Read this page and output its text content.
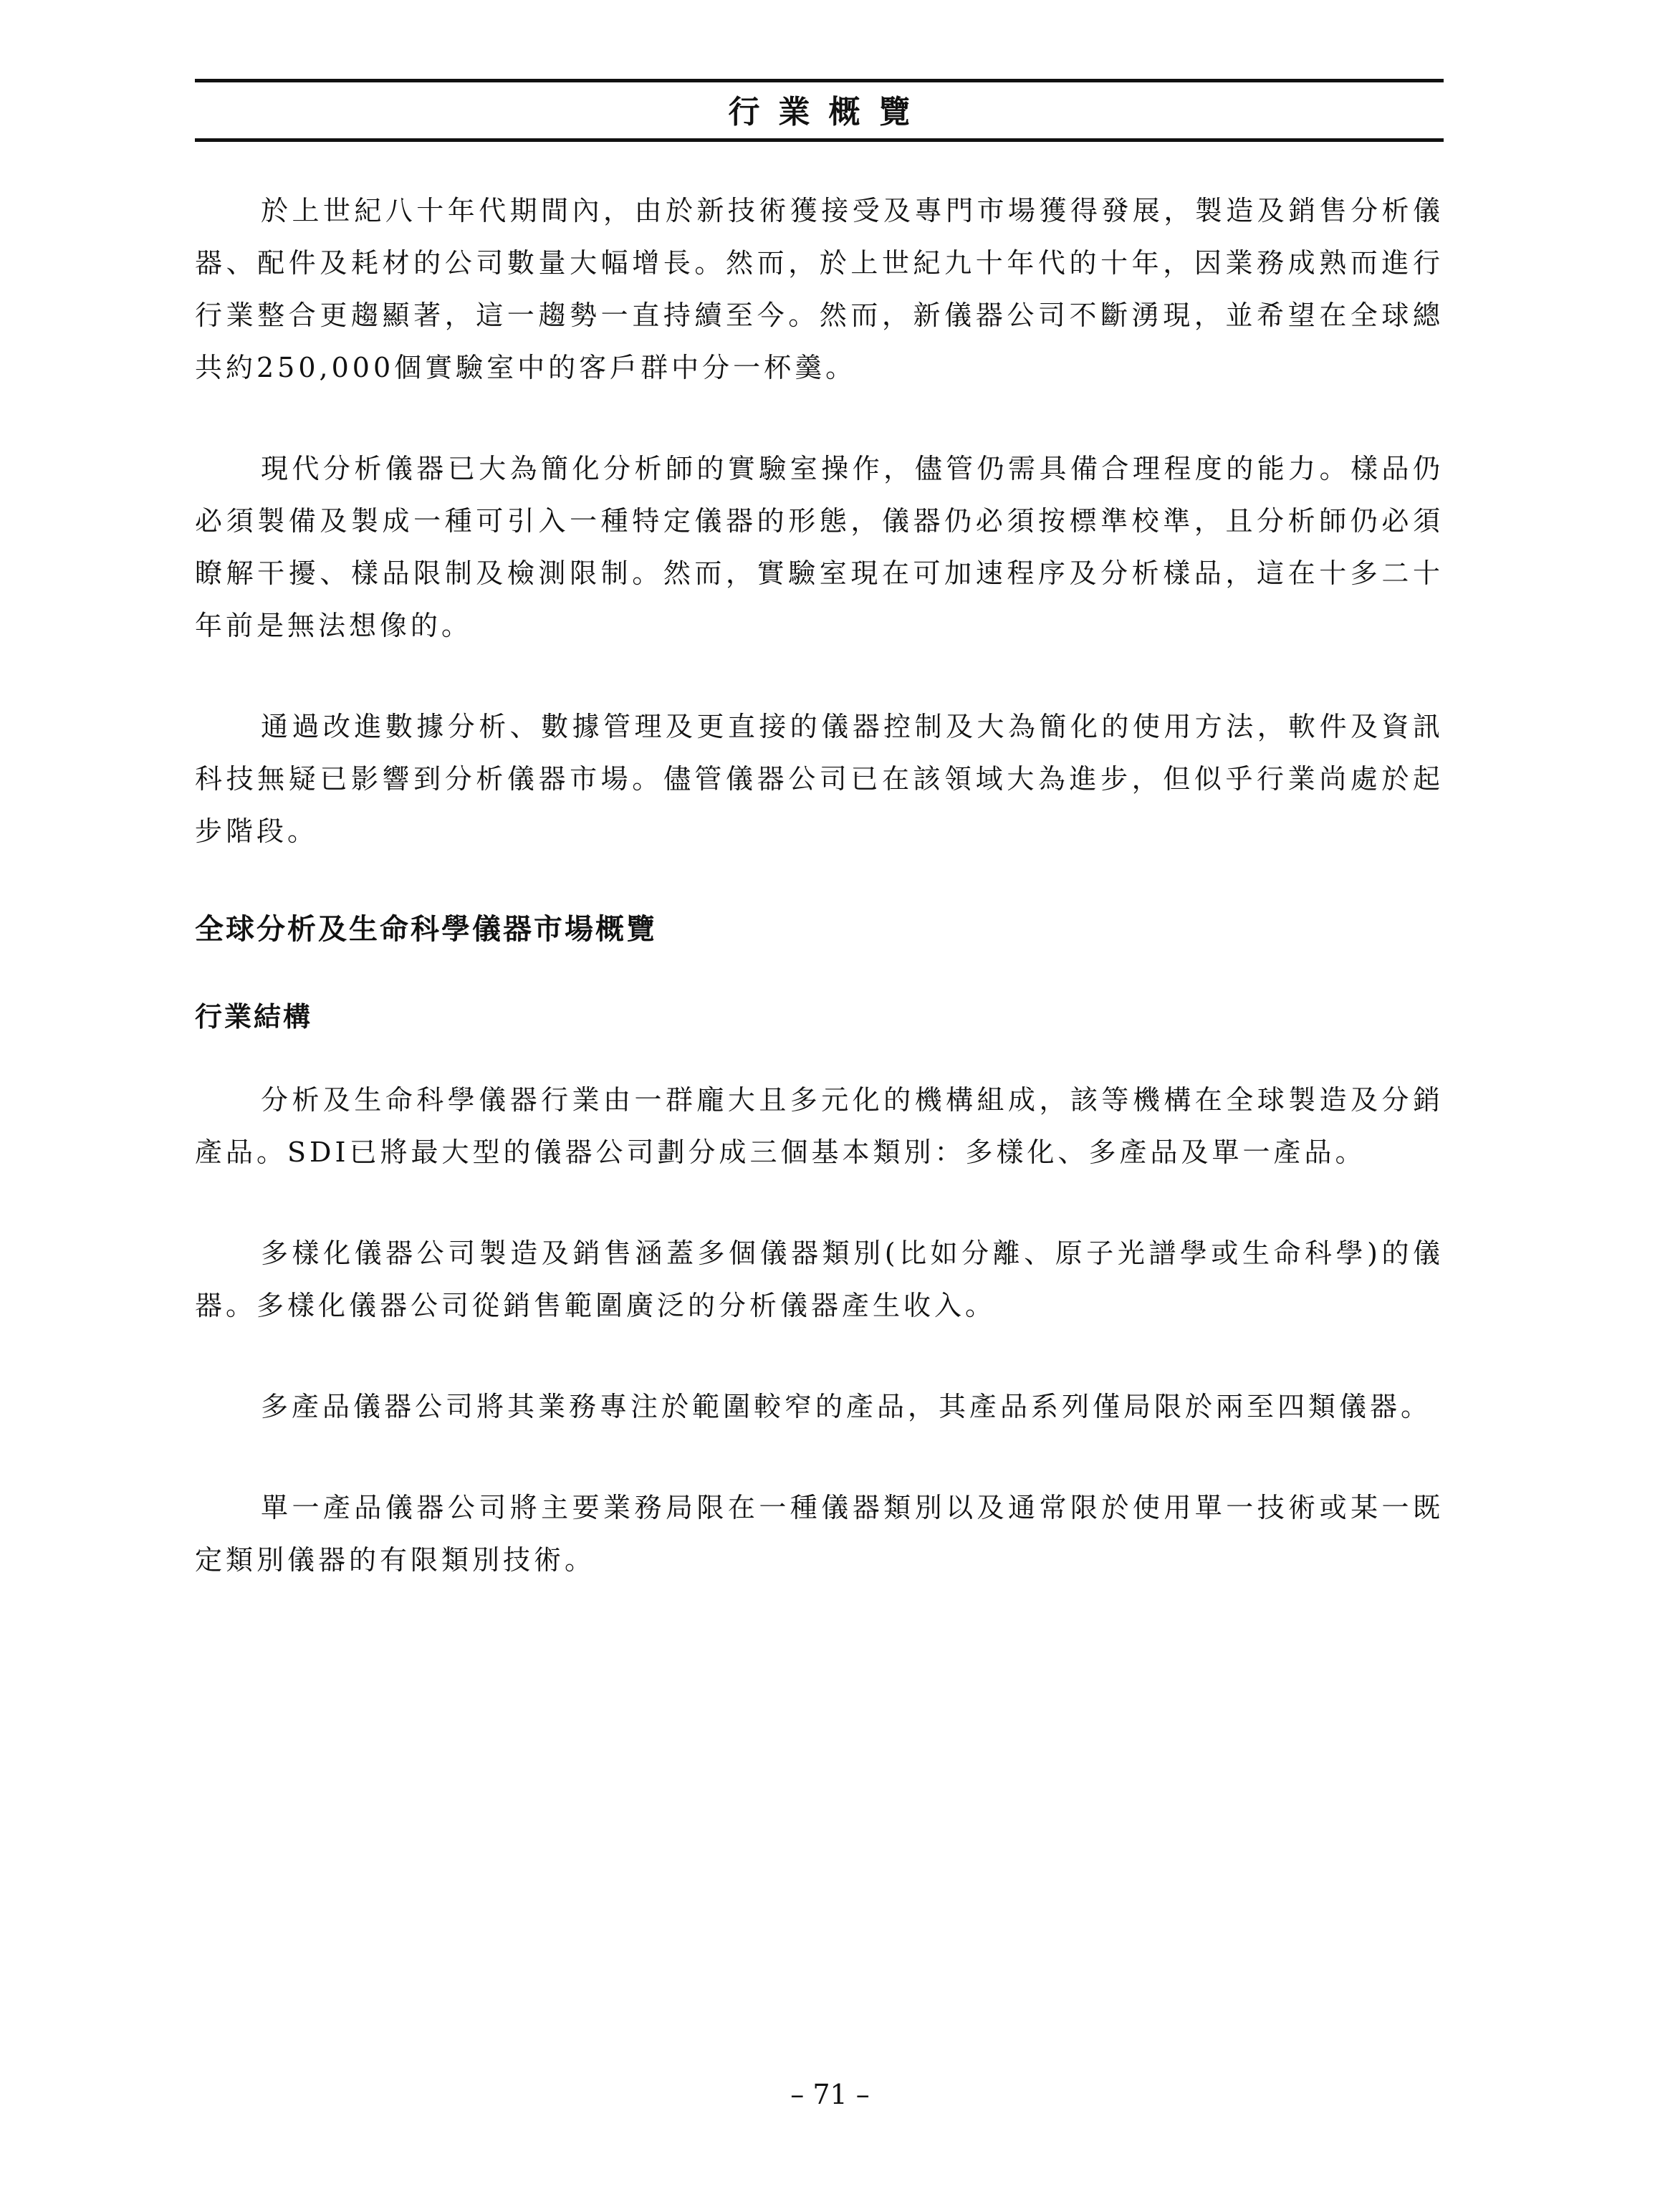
行業概覽

於上世紀八十年代期間內，由於新技術獲接受及專門市場獲得發展，製造及銷售分析儀器、配件及耗材的公司數量大幅增長。然而，於上世紀九十年代的十年，因業務成熟而進行行業整合更趨顯著，這一趨勢一直持續至今。然而，新儀器公司不斷湧現，並希望在全球總共約250,000個實驗室中的客戶群中分一杯羹。

現代分析儀器已大為簡化分析師的實驗室操作，儘管仍需具備合理程度的能力。樣品仍必須製備及製成一種可引入一種特定儀器的形態，儀器仍必須按標準校準，且分析師仍必須瞭解干擾、樣品限制及檢測限制。然而，實驗室現在可加速程序及分析樣品，這在十多二十年前是無法想像的。

通過改進數據分析、數據管理及更直接的儀器控制及大為簡化的使用方法，軟件及資訊科技無疑已影響到分析儀器市場。儘管儀器公司已在該領域大為進步，但似乎行業尚處於起步階段。

全球分析及生命科學儀器市場概覽
行業結構

分析及生命科學儀器行業由一群龐大且多元化的機構組成，該等機構在全球製造及分銷產品。SDI已將最大型的儀器公司劃分成三個基本類別：多樣化、多產品及單一產品。

多樣化儀器公司製造及銷售涵蓋多個儀器類別(比如分離、原子光譜學或生命科學)的儀器。多樣化儀器公司從銷售範圍廣泛的分析儀器產生收入。

多產品儀器公司將其業務專注於範圍較窄的產品，其產品系列僅局限於兩至四類儀器。

單一產品儀器公司將主要業務局限在一種儀器類別以及通常限於使用單一技術或某一既定類別儀器的有限類別技術。

– 71 –
